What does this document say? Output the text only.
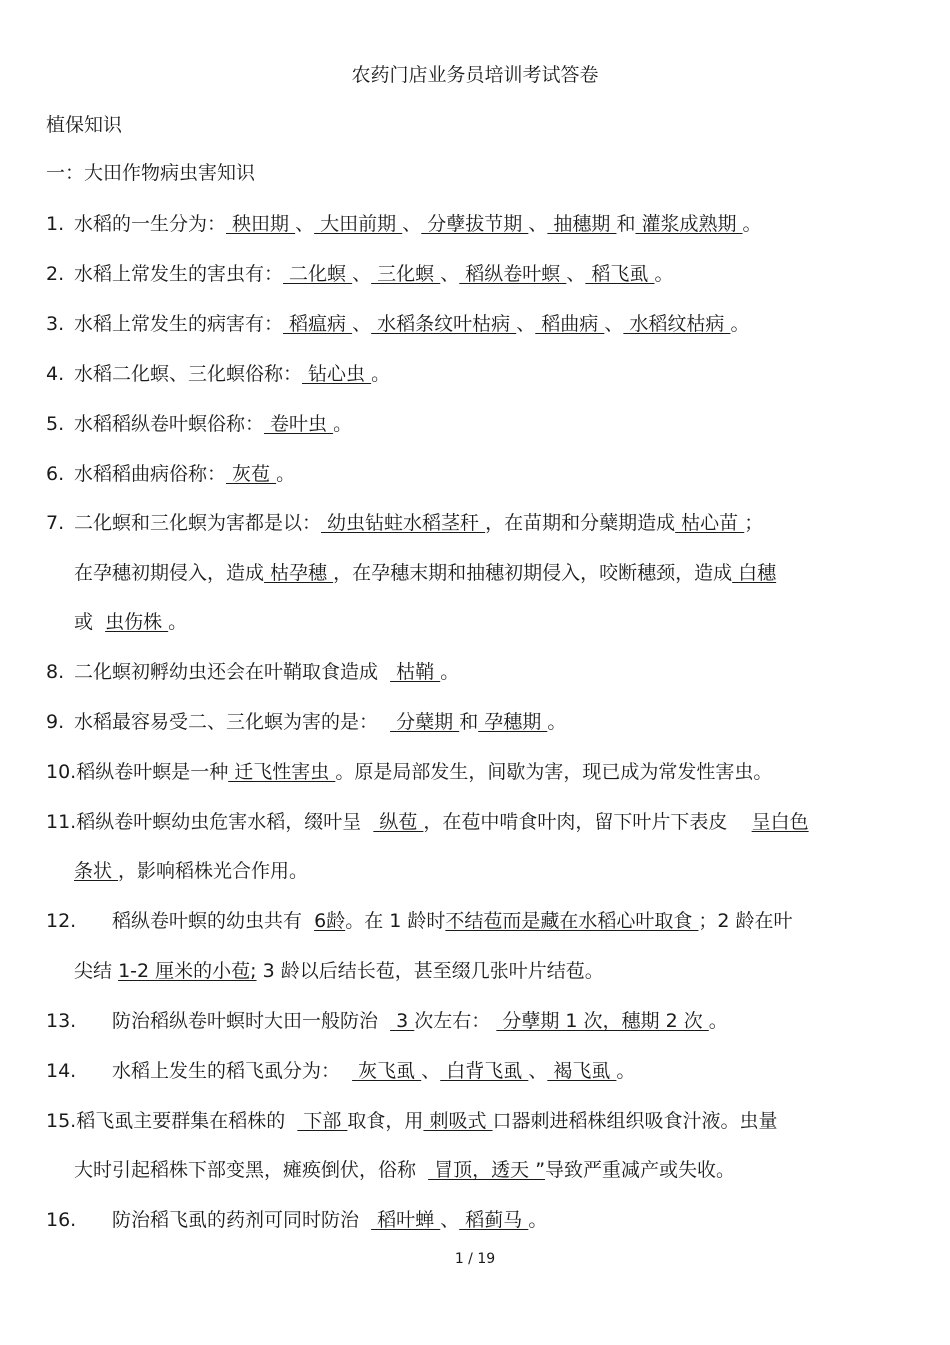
农药门店业务员培训考试答卷
植保知识
一：大田作物病虫害知识
1. 水稻的一生分为： 秧田期 、 大田前期 、 分孽拔节期 、 抽穗期 和 灌浆成熟期 。
2. 水稻上常发生的害虫有： 二化螟 、 三化螟 、 稻纵卷叶螟 、 稻飞虱 。
3. 水稻上常发生的病害有： 稻瘟病 、 水稻条纹叶枯病 、 稻曲病 、 水稻纹枯病 。
4. 水稻二化螟、三化螟俗称： 钻心虫 。
5. 水稻稻纵卷叶螟俗称： 卷叶虫 。
6. 水稻稻曲病俗称： 灰苞 。
7. 二化螟和三化螟为害都是以： 幼虫钻蛀水稻茎秆 ，在苗期和分蘖期造成 枯心苗 ；
在孕穗初期侵入，造成 枯孕穗 ，在孕穗末期和抽穗初期侵入，咬断穗颈，造成 白穗
或 虫伤株 。
8. 二化螟初孵幼虫还会在叶鞘取食造成   枯鞘 。
9. 水稻最容易受二、三化螟为害的是：   分蘖期 和 孕穗期 。
10.稻纵卷叶螟是一种 迁飞性害虫 。原是局部发生，间歇为害，现已成为常发性害虫。
11.稻纵卷叶螟幼虫危害水稻，缀叶呈   纵苞 ，在苞中啃食叶肉，留下叶片下表皮 呈白色
条状 ，影响稻株光合作用。
12. 稻纵卷叶螟的幼虫共有 6龄。在 1 龄时不结苞而是藏在水稻心叶取食 ；2 龄在叶
尖结 1-2 厘米的小苞; 3 龄以后结长苞，甚至缀几张叶片结苞。
13. 防治稻纵卷叶螟时大田一般防治   3 次左右：  分孽期 1 次，穗期 2 次 。
14. 水稻上发生的稻飞虱分为：   灰飞虱 、 白背飞虱 、 褐飞虱 。
15.稻飞虱主要群集在稻株的   下部 取食，用 刺吸式 口器刺进稻株组织吸食汁液。虫量
大时引起稻株下部变黑，瘫痪倒伏，俗称   冒顶，透天 ”导致严重减产或失收。
16. 防治稻飞虱的药剂可同时防治   稻叶蝉 、 稻蓟马 。
1 / 19
